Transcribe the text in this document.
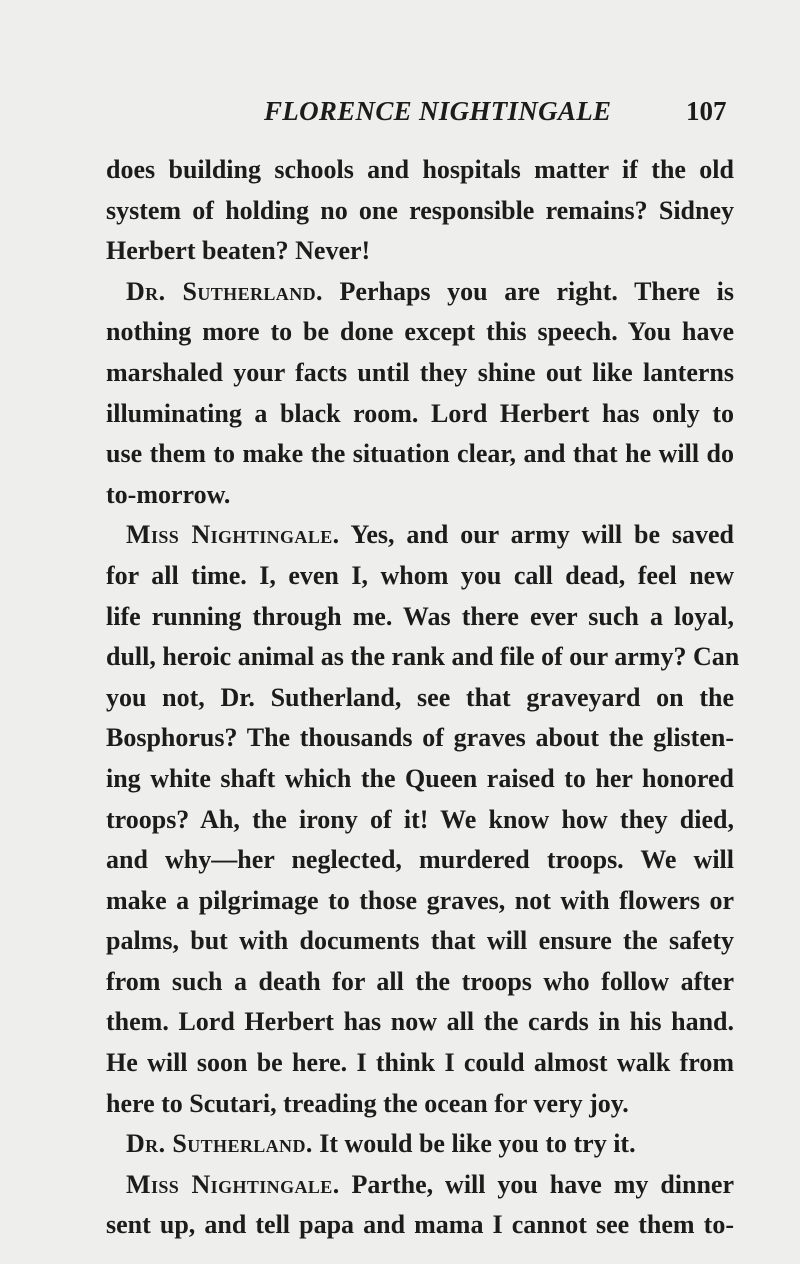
FLORENCE NIGHTINGALE	107
does building schools and hospitals matter if the old
system of holding no one responsible remains? Sidney
Herbert beaten? Never!
Dr. Sutherland. Perhaps you are right. There is
nothing more to be done except this speech. You have
marshaled your facts until they shine out like lanterns
illuminating a black room. Lord Herbert has only to
use them to make the situation clear, and that he will do
to-morrow.
Miss Nightingale. Yes, and our army will be saved
for all time. I, even I, whom you call dead, feel new
life running through me. Was there ever such a loyal,
dull, heroic animal as the rank and file of our army? Can
you not, Dr. Sutherland, see that graveyard on the
Bosphorus? The thousands of graves about the glisten-
ing white shaft which the Queen raised to her honored
troops? Ah, the irony of it! We know how they died,
and why—her neglected, murdered troops. We will
make a pilgrimage to those graves, not with flowers or
palms, but with documents that will ensure the safety
from such a death for all the troops who follow after
them. Lord Herbert has now all the cards in his hand.
He will soon be here. I think I could almost walk from
here to Scutari, treading the ocean for very joy.
Dr. Sutherland. It would be like you to try it.
Miss Nightingale. Parthe, will you have my dinner
sent up, and tell papa and mama I cannot see them to-
